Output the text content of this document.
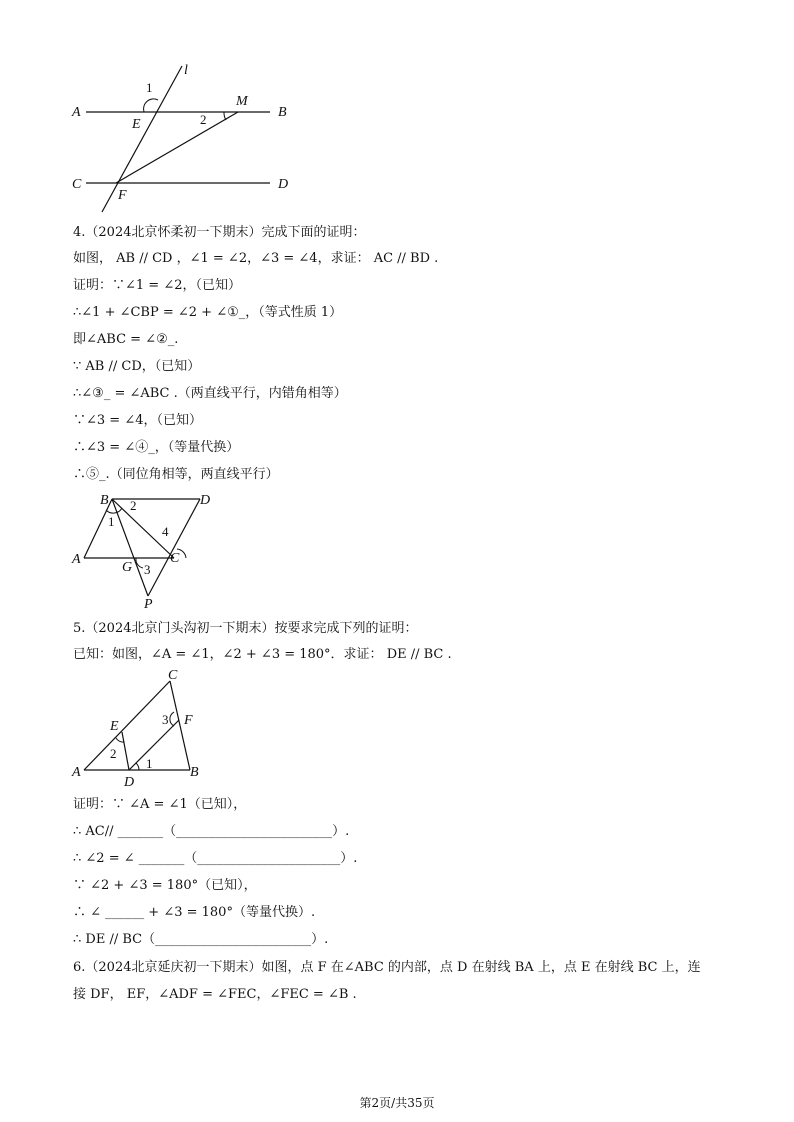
l
1
A
E
M
2	B
C
F
D
4.（2024北京怀柔初一下期末）完成下面的证明：
如图， AB // CD ，∠1 = ∠2，∠3 = ∠4，求证： AC // BD .
证明：∵∠1 = ∠2，（已知）
∴∠1 + ∠CBP = ∠2 + ∠①_，（等式性质 1）
即∠ABC = ∠②_.
∵ AB // CD，（已知）
∴∠③_ = ∠ABC .（两直线平行，内错角相等）
∵∠3 = ∠4，（已知）
∴∠3 = ∠④_，（等量代换）
∴⑤_.（同位角相等，两直线平行）
B	D
2
1
4
A	C
G 3
P
5.（2024北京门头沟初一下期末）按要求完成下列的证明：
已知：如图，∠A = ∠1，∠2 + ∠3 = 180°．求证： DE // BC .
C
E	3 F
2
A
D
1
B
证明：∵ ∠A = ∠1（已知），
∴ AC// _______（________________________）.
∴ ∠2 = ∠ _______（______________________）.
∵ ∠2 + ∠3 = 180°（已知），
∴ ∠ ______ + ∠3 = 180°（等量代换）.
∴ DE // BC（________________________）.
6.（2024北京延庆初一下期末）如图，点 F 在∠ABC 的内部，点 D 在射线 BA 上，点 E 在射线 BC 上，连
接 DF， EF，∠ADF = ∠FEC，∠FEC = ∠B .
第2页/共35页
